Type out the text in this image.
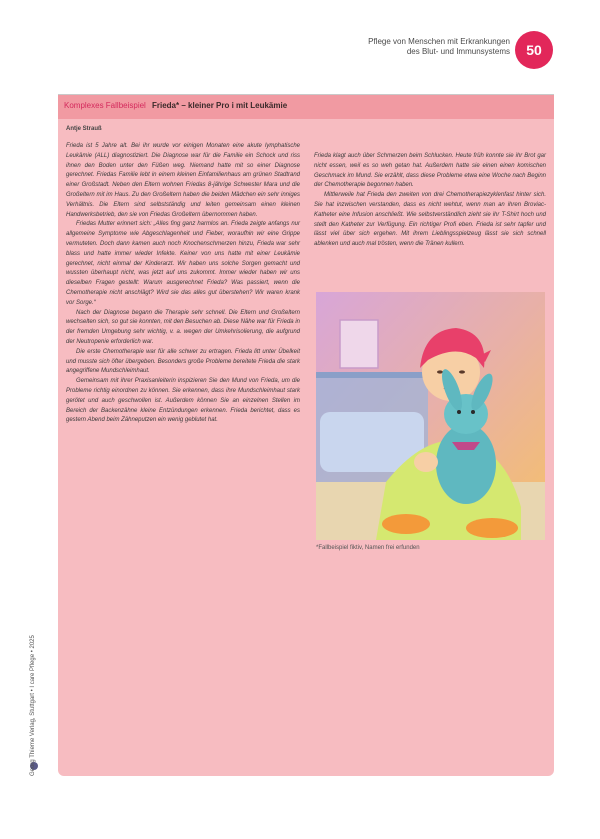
Pflege von Menschen mit Erkrankungen
des Blut- und Immunsystems	50
Komplexes Fallbeispiel Frieda* – kleiner Pro i mit Leukämie
Antje Strauß

Frieda ist 5 Jahre alt. Bei ihr wurde vor einigen Monaten eine akute lymphatische Leukämie (ALL) diagnostiziert. Die Diagnose war für die Familie ein Schock und riss ihnen den Boden unter den Füßen weg. Niemand hatte mit so einer Diagnose gerechnet. Friedas Familie lebt in einem kleinen Einfamilienhaus am grünen Stadtrand einer Großstadt. Neben den Eltern wohnen Friedas 8-jährige Schwester Mara und die Großeltern mit im Haus. Zu den Großeltern haben die beiden Mädchen ein sehr inniges Verhältnis. Die Eltern sind selbstständig und leiten gemeinsam einen kleinen Handwerksbetrieb, den sie von Friedas Großeltern übernommen haben.

Friedas Mutter erinnert sich: „Alles fing ganz harmlos an. Frieda zeigte anfangs nur allgemeine Symptome wie Abgeschlagenheit und Fieber, woraufhin wir eine Grippe vermuteten. Doch dann kamen auch noch Knochenschmerzen hinzu, Frieda war sehr blass und hatte immer wieder Infekte. Keiner von uns hatte mit einer Leukämie gerechnet, nicht einmal der Kinderarzt. Wir haben uns solche Sorgen gemacht und wussten überhaupt nicht, was jetzt auf uns zukommt. Immer wieder haben wir uns dieselben Fragen gestellt: Warum ausgerechnet Frieda? Was passiert, wenn die Chemotherapie nicht anschlägt? Wird sie das alles gut überstehen? Wir waren krank vor Sorge.“

Nach der Diagnose begann die Therapie sehr schnell. Die Eltern und Großeltern wechselten sich, so gut sie konnten, mit den Besuchen ab. Diese Nähe war für Frieda in der fremden Umgebung sehr wichtig, v. a. wegen der Umkehrisolierung, die aufgrund der Neutropenie erforderlich war.

Die erste Chemotherapie war für alle schwer zu ertragen. Frieda litt unter Übelkeit und musste sich öfter übergeben. Besonders große Probleme bereitete Frieda die stark angegriffene Mundschleimhaut.

Gemeinsam mit ihrer Praxisanleiterin inspizieren Sie den Mund von Frieda, um die Probleme richtig einordnen zu können. Sie erkennen, dass ihre Mundschleimhaut stark gerötet und auch geschwollen ist. Außerdem können Sie an einzelnen Stellen im Bereich der Backenzähne kleine Entzündungen erkennen. Frieda berichtet, dass es gestern Abend beim Zähneputzen ein wenig geblutet hat.

Frieda klagt auch über Schmerzen beim Schlucken. Heute früh konnte sie ihr Brot gar nicht essen, weil es so weh getan hat. Außerdem hatte sie einen einen komischen Geschmack im Mund. Sie erzählt, dass diese Probleme etwa eine Woche nach Beginn der Chemotherapie begonnen haben.

Mittlerweile hat Frieda den zweiten von drei Chemotherapiezyklenfast hinter sich. Sie hat inzwischen verstanden, dass es nicht wehtut, wenn man an ihren Broviac-Katheter eine Infusion anschließt. Wie selbstverständlich zieht sie ihr T-Shirt hoch und stellt den Katheter zur Verfügung. Ein richtiger Profi eben. Frieda ist sehr tapfer und lässt viel über sich ergehen. Mit ihrem Lieblingsspielzeug lässt sie sich schnell ablenken und auch mal trösten, wenn die Tränen kullern.

*Fallbeispiel fiktiv, Namen frei erfunden
Georg Thieme Verlag, Stuttgart • I care Pflege • 2025
